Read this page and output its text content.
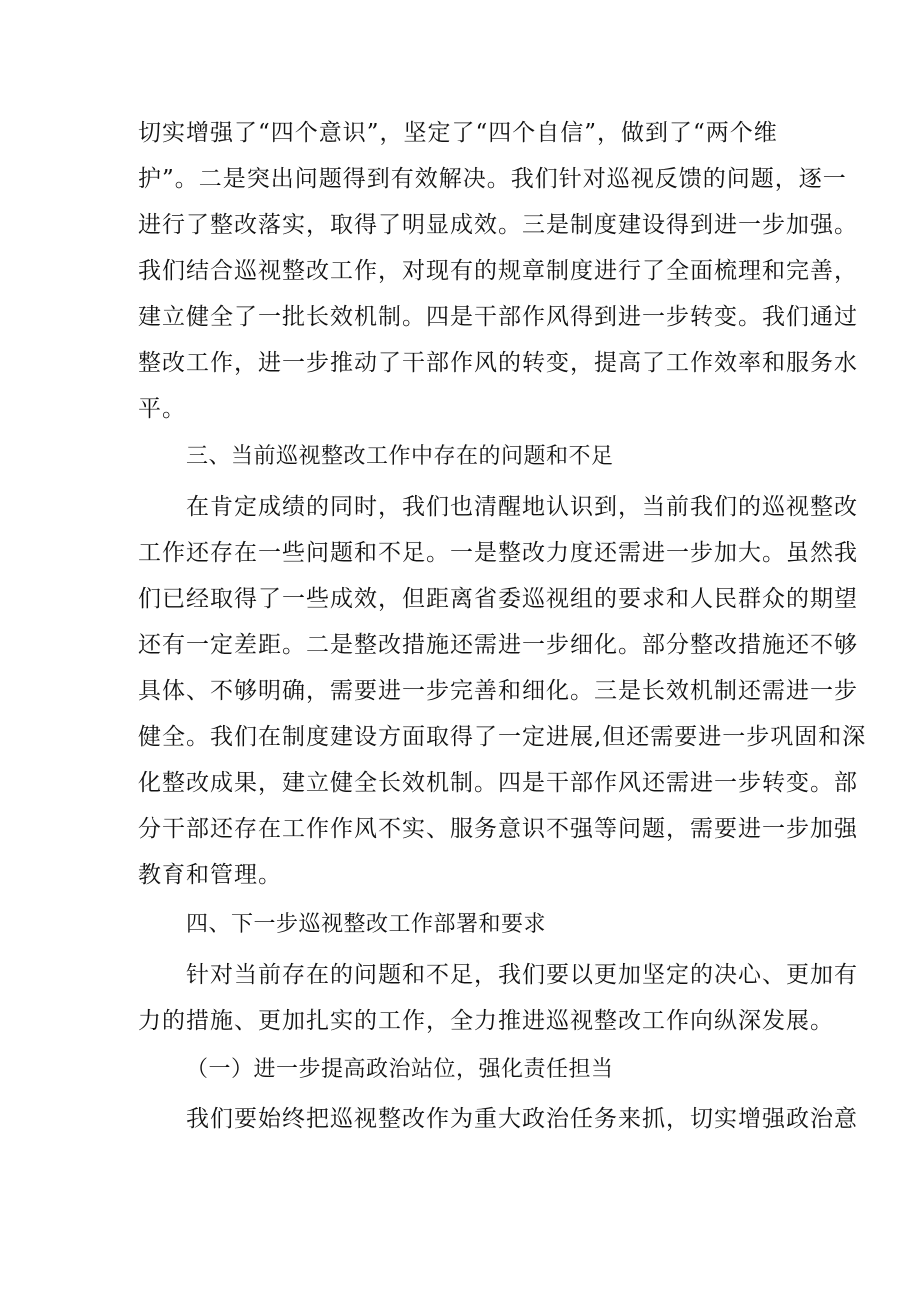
切实增强了“四个意识”，坚定了“四个自信”，做到了“两个维
护”。二是突出问题得到有效解决。我们针对巡视反馈的问题，逐一
进行了整改落实，取得了明显成效。三是制度建设得到进一步加强。
我们结合巡视整改工作，对现有的规章制度进行了全面梳理和完善，
建立健全了一批长效机制。四是干部作风得到进一步转变。我们通过
整改工作，进一步推动了干部作风的转变，提高了工作效率和服务水
平。
三、当前巡视整改工作中存在的问题和不足
在肯定成绩的同时，我们也清醒地认识到，当前我们的巡视整改
工作还存在一些问题和不足。一是整改力度还需进一步加大。虽然我
们已经取得了一些成效，但距离省委巡视组的要求和人民群众的期望
还有一定差距。二是整改措施还需进一步细化。部分整改措施还不够
具体、不够明确，需要进一步完善和细化。三是长效机制还需进一步
健全。我们在制度建设方面取得了一定进展,但还需要进一步巩固和深
化整改成果，建立健全长效机制。四是干部作风还需进一步转变。部
分干部还存在工作作风不实、服务意识不强等问题，需要进一步加强
教育和管理。
四、下一步巡视整改工作部署和要求
针对当前存在的问题和不足，我们要以更加坚定的决心、更加有
力的措施、更加扎实的工作，全力推进巡视整改工作向纵深发展。
（一）进一步提高政治站位，强化责任担当
我们要始终把巡视整改作为重大政治任务来抓，切实增强政治意
